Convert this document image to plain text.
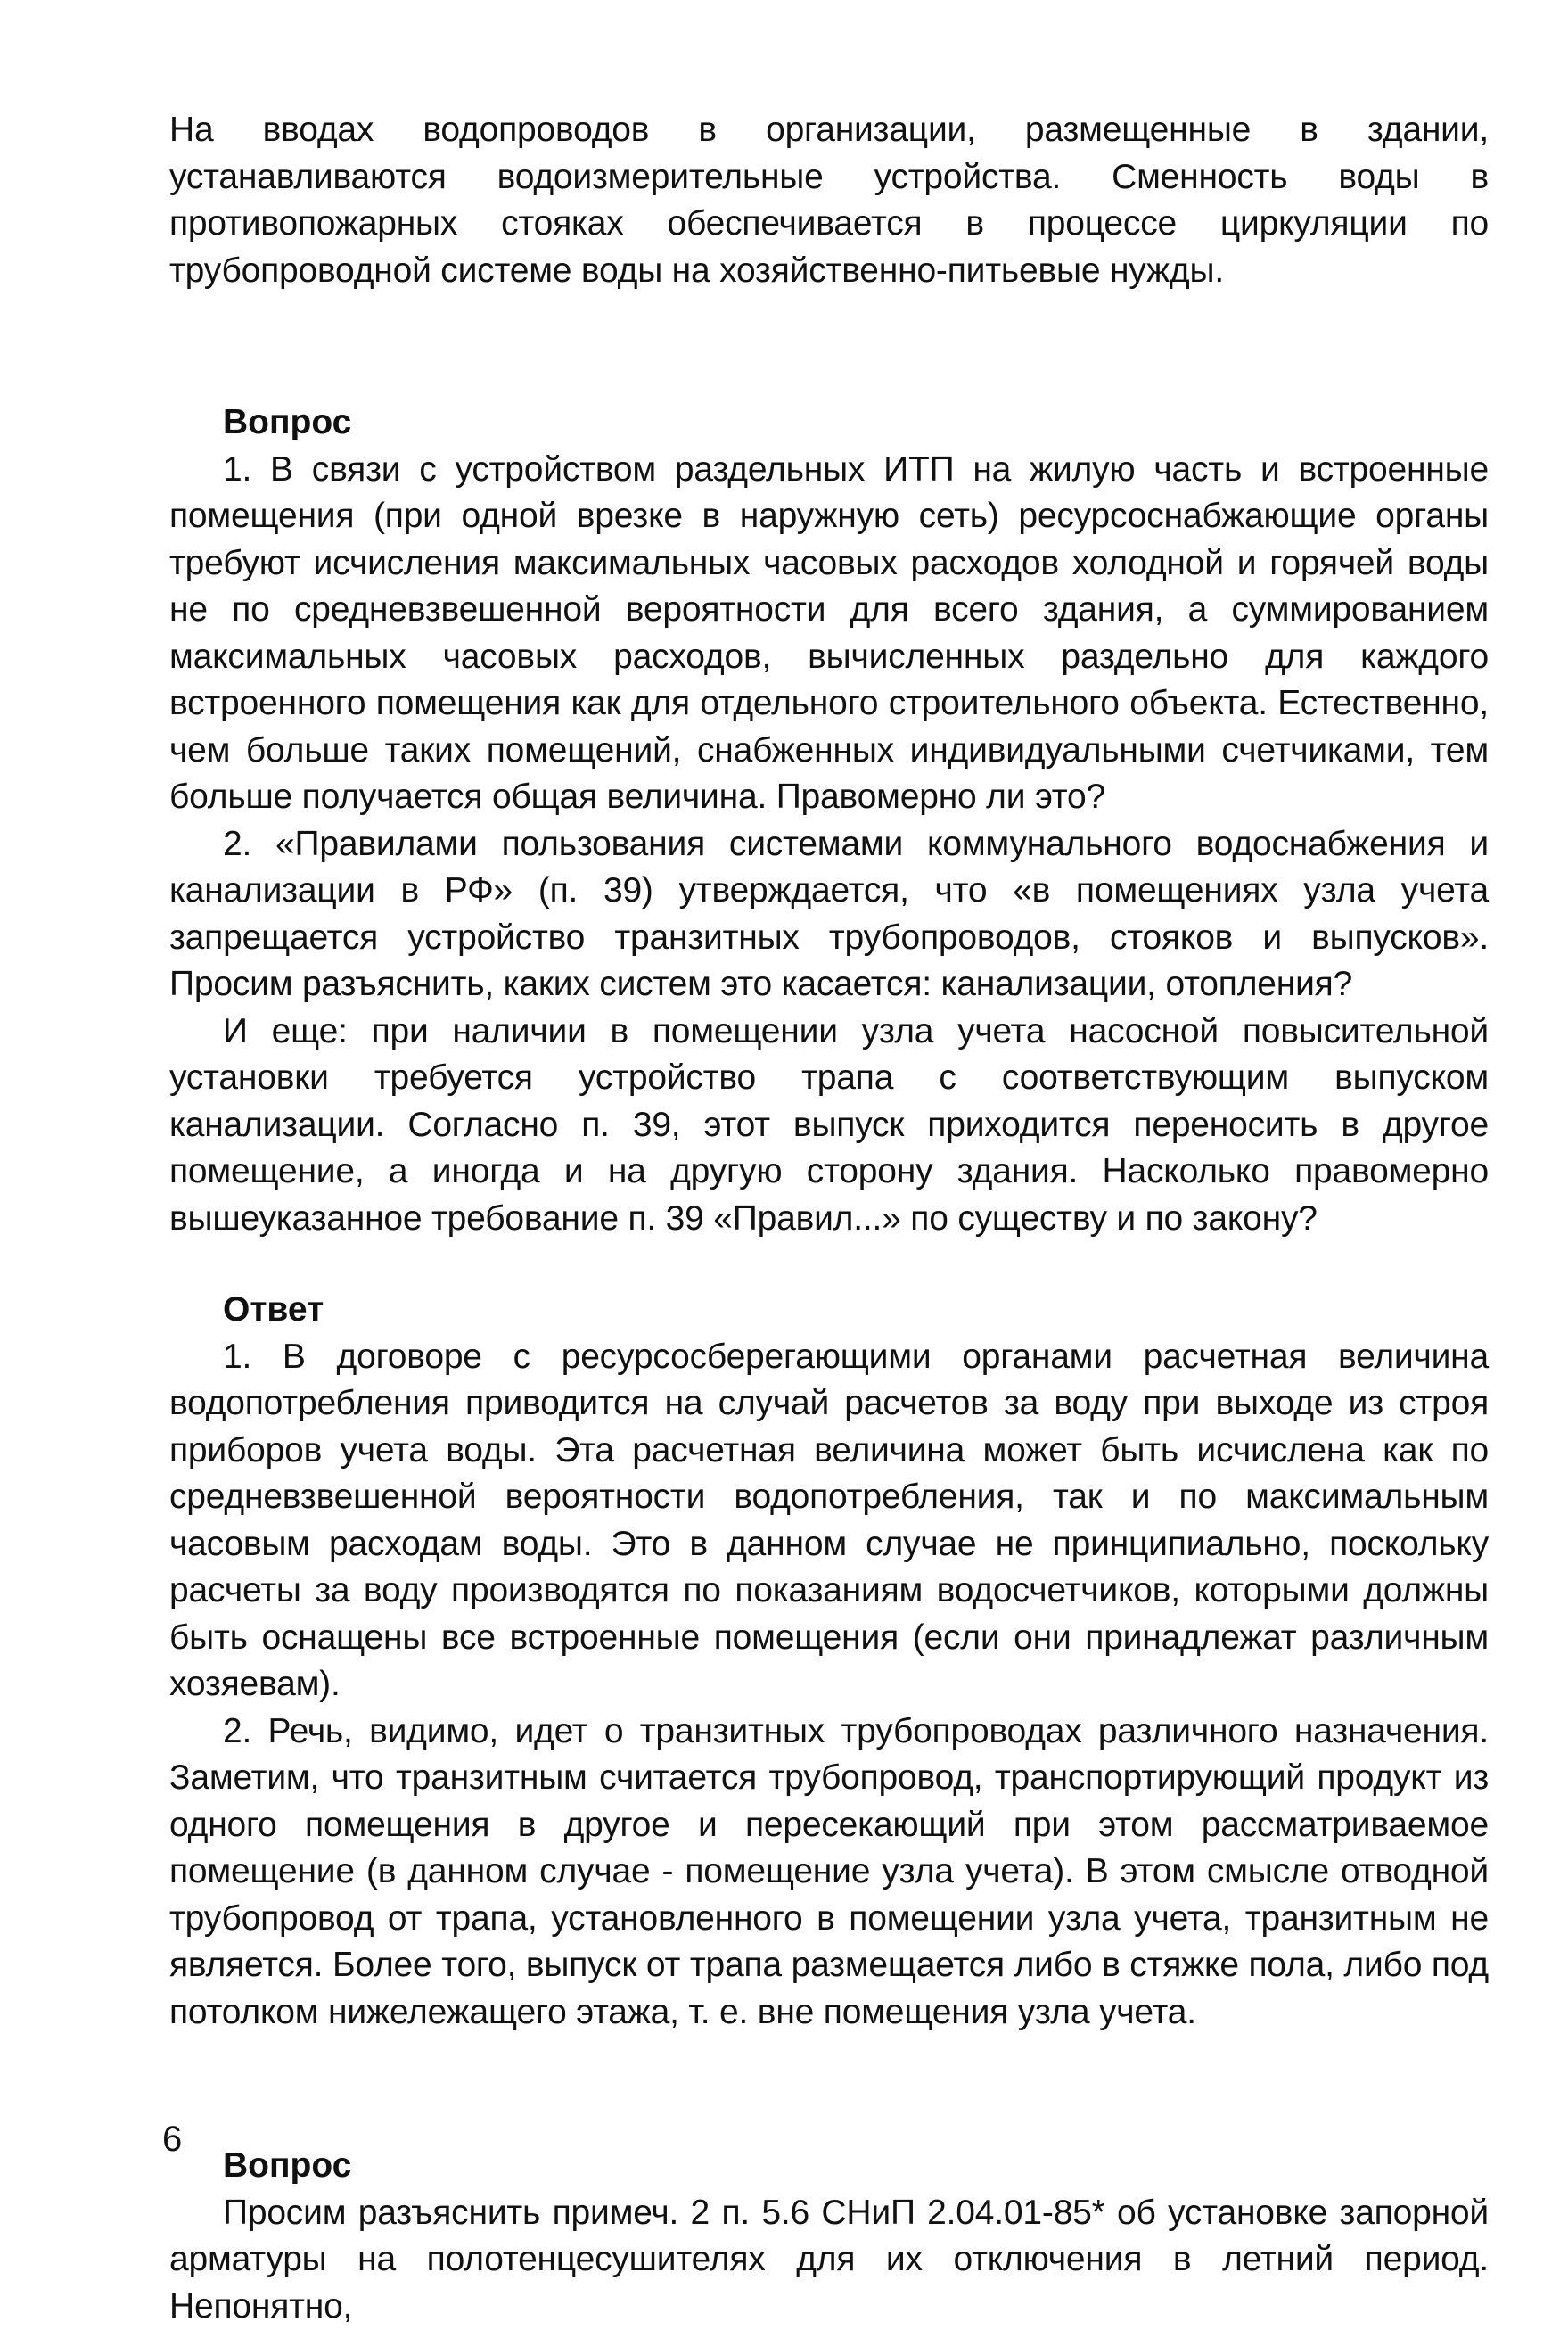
На вводах водопроводов в организации, размещенные в здании, устанавливаются водоизмерительные устройства. Сменность воды в противопожарных стояках обеспечивается в процессе циркуляции по трубопроводной системе воды на хозяйственно-питьевые нужды.

Вопрос

1. В связи с устройством раздельных ИТП на жилую часть и встроенные помещения (при одной врезке в наружную сеть) ресурсоснабжающие органы требуют исчисления максимальных часовых расходов холодной и горячей воды не по средневзвешенной вероятности для всего здания, а суммированием максимальных часовых расходов, вычисленных раздельно для каждого встроенного помещения как для отдельного строительного объекта. Естественно, чем больше таких помещений, снабженных индивидуальными счетчиками, тем больше получается общая величина. Правомерно ли это?

2. «Правилами пользования системами коммунального водоснабжения и канализации в РФ» (п. 39) утверждается, что «в помещениях узла учета запрещается устройство транзитных трубопроводов, стояков и выпусков». Просим разъяснить, каких систем это касается: канализации, отопления?

И еще: при наличии в помещении узла учета насосной повысительной установки требуется устройство трапа с соответствующим выпуском канализации. Согласно п. 39, этот выпуск приходится переносить в другое помещение, а иногда и на другую сторону здания. Насколько правомерно вышеуказанное требование п. 39 «Правил...» по существу и по закону?

Ответ

1. В договоре с ресурсосберегающими органами расчетная величина водопотребления приводится на случай расчетов за воду при выходе из строя приборов учета воды. Эта расчетная величина может быть исчислена как по средневзвешенной вероятности водопотребления, так и по максимальным часовым расходам воды. Это в данном случае не принципиально, поскольку расчеты за воду производятся по показаниям водосчетчиков, которыми должны быть оснащены все встроенные помещения (если они принадлежат различным хозяевам).

2. Речь, видимо, идет о транзитных трубопроводах различного назначения. Заметим, что транзитным считается трубопровод, транспортирующий продукт из одного помещения в другое и пересекающий при этом рассматриваемое помещение (в данном случае - помещение узла учета). В этом смысле отводной трубопровод от трапа, установленного в помещении узла учета, транзитным не является. Более того, выпуск от трапа размещается либо в стяжке пола, либо под потолком нижележащего этажа, т. е. вне помещения узла учета.

Вопрос

Просим разъяснить примеч. 2 п. 5.6 СНиП 2.04.01-85* об установке запорной арматуры на полотенцесушителях для их отключения в летний период. Непонятно,

6
